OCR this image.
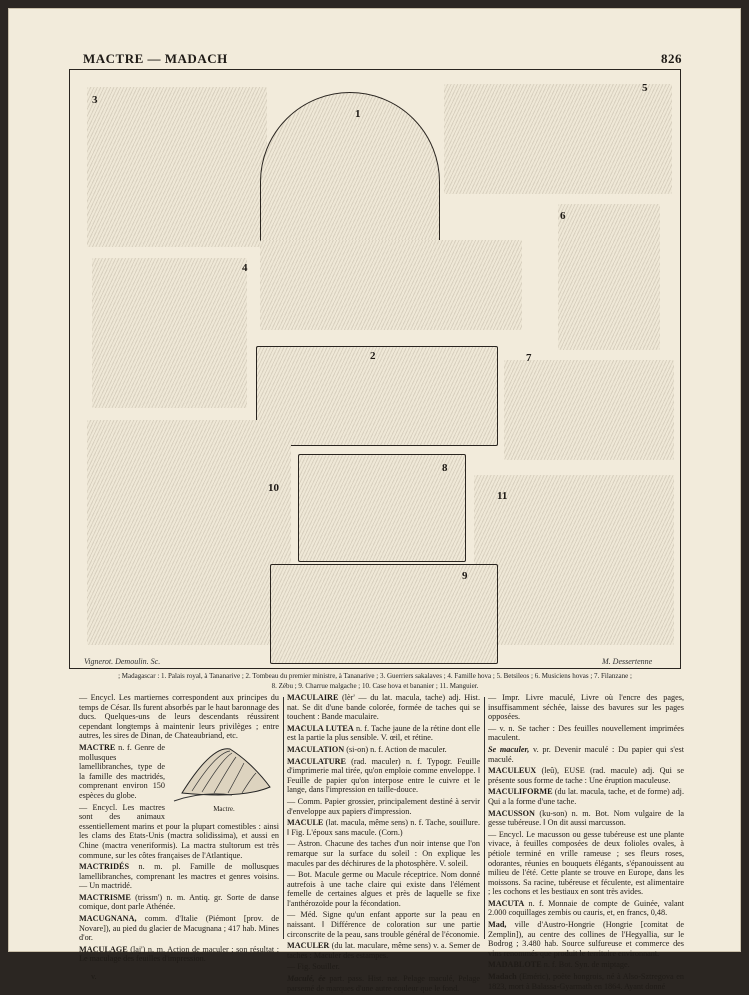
MACTRE — MADACH	826
3
1
5
4
6
2	7
8
10
11
9
Vignerot. Demoulin. Sc.	M. Dessertenne
; Madagascar : 1. Palais royal, à Tananarive ; 2. Tombeau du premier ministre, à Tananarive ; 3. Guerriers sakalaves ; 4. Famille hova ; 5. Betsileos ; 6. Musiciens hovas ; 7. Filanzane ;
8. Zébu ; 9. Charrue malgache ; 10. Case hova et bananier ; 11. Manguier.

— Encycl. Les martiernes correspondent aux principes du temps de César. Ils furent absorbés par le haut baronnage des ducs. Quelques-uns de leurs descendants réussirent cependant longtemps à maintenir leurs privilèges ; entre autres, les sires de Dinan, de Chateaubriand, etc.

Mactre.
MACTRE n. f. Genre de mollusques lamellibranches, type de la famille des mactridés, comprenant environ 150 espèces du globe.

— Encycl. Les mactres sont des animaux essentiellement marins et pour la plupart comestibles : ainsi les clams des Etats-Unis (mactra solidissima), et aussi en Chine (mactra veneriformis). La mactra stultorum est très commune, sur les côtes françaises de l'Atlantique.

MACTRIDÉS n. m. pl. Famille de mollusques lamellibranches, comprenant les mactres et genres voisins. — Un mactridé.

MACTRISME (trissm') n. m. Antiq. gr. Sorte de danse comique, dont parle Athénée.

MACUGNANA, comm. d'Italie (Piémont [prov. de Novare]), au pied du glacier de Macugnana ; 417 hab. Mines d'or.

MACULAGE (laj') n. m. Action de maculer ; son résultat : Le maculage des feuilles d'impression.

v.

MACULAIRE (lèr' — du lat. macula, tache) adj. Hist. nat. Se dit d'une bande colorée, formée de taches qui se touchent : Bande maculaire.

MACULA LUTEA n. f. Tache jaune de la rétine dont elle est la partie la plus sensible. V. œil, et rétine.

MACULATION (si-on) n. f. Action de maculer.

MACULATURE (rad. maculer) n. f. Typogr. Feuille d'imprimerie mal tirée, qu'on emploie comme enveloppe. ‖ Feuille de papier qu'on interpose entre le cuivre et le lange, dans l'impression en taille-douce.

— Comm. Papier grossier, principalement destiné à servir d'enveloppe aux papiers d'impression.

MACULE (lat. macula, même sens) n. f. Tache, souillure. ‖ Fig. L'époux sans macule. (Corn.)

— Astron. Chacune des taches d'un noir intense que l'on remarque sur la surface du soleil : On explique les macules par des déchirures de la photosphère. V. soleil.

— Bot. Macule germe ou Macule réceptrice. Nom donné autrefois à une tache claire qui existe dans l'élément femelle de certaines algues et près de laquelle se fixe l'anthérozoïde pour la fécondation.

— Méd. Signe qu'un enfant apporte sur la peau en naissant. ‖ Différence de coloration sur une partie circonscrite de la peau, sans trouble général de l'économie.

MACULER (du lat. maculare, même sens) v. a. Semer de taches : Maculer des estampes.

— Fig. Souiller.

Maculé, ée part. pass. Hist. nat. Pelage maculé, Pelage parsemé de marques d'une autre couleur que le fond.

— Impr. Livre maculé, Livre où l'encre des pages, insuffisamment séchée, laisse des bavures sur les pages opposées.

— v. n. Se tacher : Des feuilles nouvellement imprimées maculent.

Se maculer, v. pr. Devenir maculé : Du papier qui s'est maculé.

MACULEUX (leû), EUSE (rad. macule) adj. Qui se présente sous forme de tache : Une éruption maculeuse.

MACULIFORME (du lat. macula, tache, et de forme) adj. Qui a la forme d'une tache.

MACUSSON (ku-son) n. m. Bot. Nom vulgaire de la gesse tubéreuse. ‖ On dit aussi marcusson.

— Encycl. Le macusson ou gesse tubéreuse est une plante vivace, à feuilles composées de deux folioles ovales, à pétiole terminé en vrille rameuse ; ses fleurs roses, odorantes, réunies en bouquets élégants, s'épanouissent au milieu de l'été. Cette plante se trouve en Europe, dans les moissons. Sa racine, tubéreuse et féculente, est alimentaire ; les cochons et les bestiaux en sont très avides.

MACUTA n. f. Monnaie de compte de Guinée, valant 2.000 coquillages zembis ou cauris, et, en francs, 0,48.

Mad, ville d'Austro-Hongrie (Hongrie [comitat de Zemplin]), au centre des collines de l'Hegyallia, sur le Bodrog ; 3.480 hab. Source sulfureuse et commerce des vins renommés que produit le territoire environnant.

MADABLOTE n. f. Bot. Syn. de miptage.

Madach (Eméric), poète hongrois, né à Also-Sztregova en 1823, mort à Balassa-Gyarmath en 1864. Ayant donné
